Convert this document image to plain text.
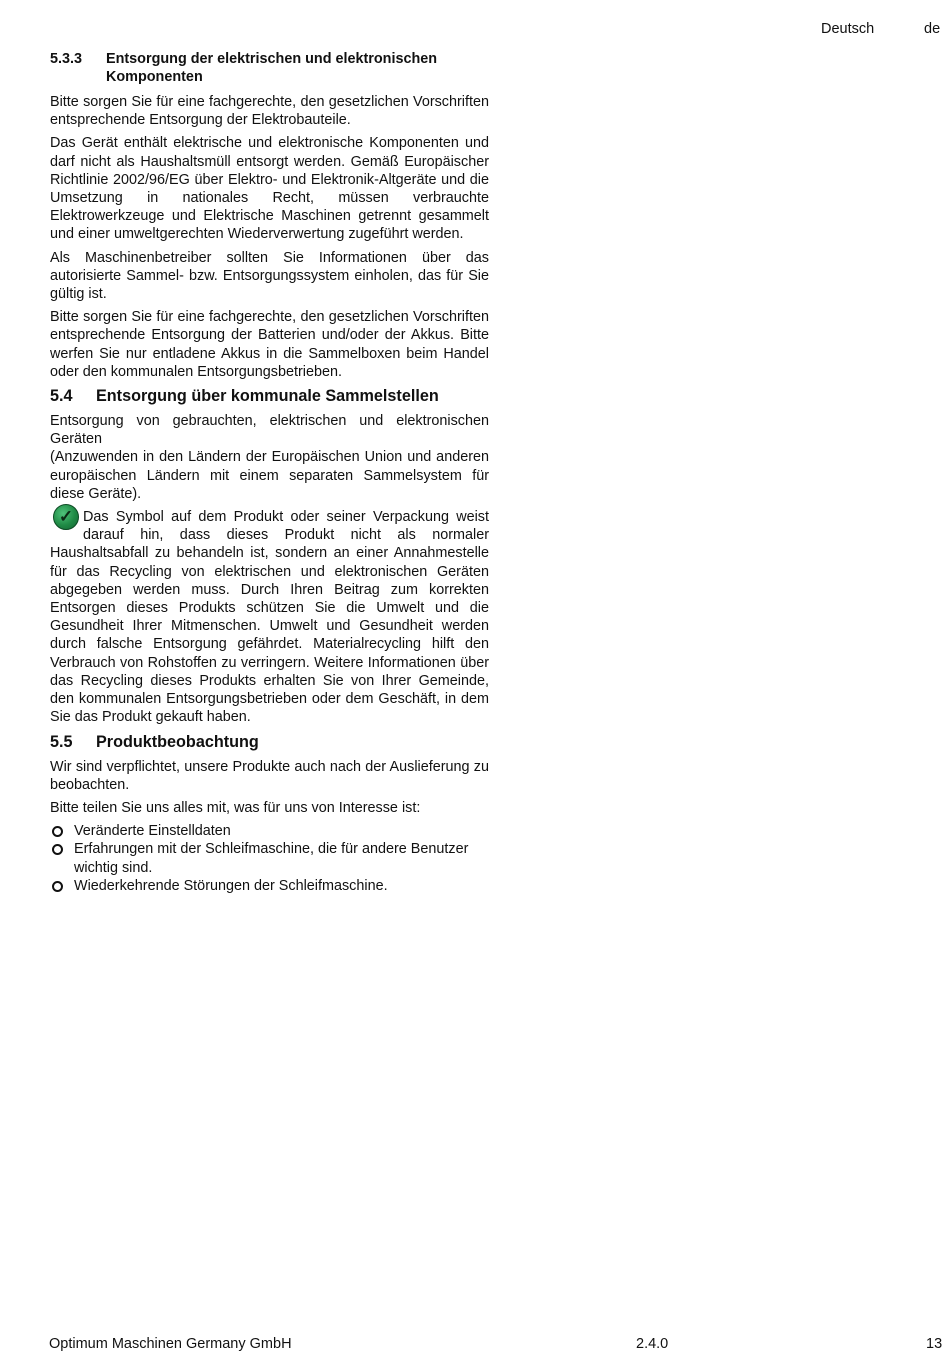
Deutsch	de
5.3.3	Entsorgung der elektrischen und elektronischen Komponenten

Bitte sorgen Sie für eine fachgerechte, den gesetzlichen Vorschriften entsprechende Entsorgung der Elektrobauteile.

Das Gerät enthält elektrische und elektronische Komponenten und darf nicht als Haushaltsmüll entsorgt werden. Gemäß Europäischer Richtlinie 2002/96/EG über Elektro- und Elektronik-Altgeräte und die Umsetzung in nationales Recht, müssen verbrauchte Elektrowerkzeuge und Elektrische Maschinen getrennt gesammelt und einer umweltgerechten Wiederverwertung zugeführt werden.

Als Maschinenbetreiber sollten Sie Informationen über das autorisierte Sammel- bzw. Entsorgungssystem einholen, das für Sie gültig ist.

Bitte sorgen Sie für eine fachgerechte, den gesetzlichen Vorschriften entsprechende Entsorgung der Batterien und/oder der Akkus. Bitte werfen Sie nur entladene Akkus in die Sammelboxen beim Handel oder den kommunalen Entsorgungsbetrieben.

5.4	Entsorgung über kommunale Sammelstellen

Entsorgung von gebrauchten, elektrischen und elektronischen Geräten
(Anzuwenden in den Ländern der Europäischen Union und anderen europäischen Ländern mit einem separaten Sammelsystem für diese Geräte).

✓ Das Symbol auf dem Produkt oder seiner Verpackung weist darauf hin, dass dieses Produkt nicht als normaler Haushaltsabfall zu behandeln ist, sondern an einer Annahmestelle für das Recycling von elektrischen und elektronischen Geräten abgegeben werden muss. Durch Ihren Beitrag zum korrekten Entsorgen dieses Produkts schützen Sie die Umwelt und die Gesundheit Ihrer Mitmenschen. Umwelt und Gesundheit werden durch falsche Entsorgung gefährdet. Materialrecycling hilft den Verbrauch von Rohstoffen zu verringern. Weitere Informationen über das Recycling dieses Produkts erhalten Sie von Ihrer Gemeinde, den kommunalen Entsorgungsbetrieben oder dem Geschäft, in dem Sie das Produkt gekauft haben.

5.5	Produktbeobachtung

Wir sind verpflichtet, unsere Produkte auch nach der Auslieferung zu beobachten.

Bitte teilen Sie uns alles mit, was für uns von Interesse ist:

Veränderte Einstelldaten
Erfahrungen mit der Schleifmaschine, die für andere Benutzer wichtig sind.
Wiederkehrende Störungen der Schleifmaschine.
Optimum Maschinen Germany GmbH	2.4.0	13
